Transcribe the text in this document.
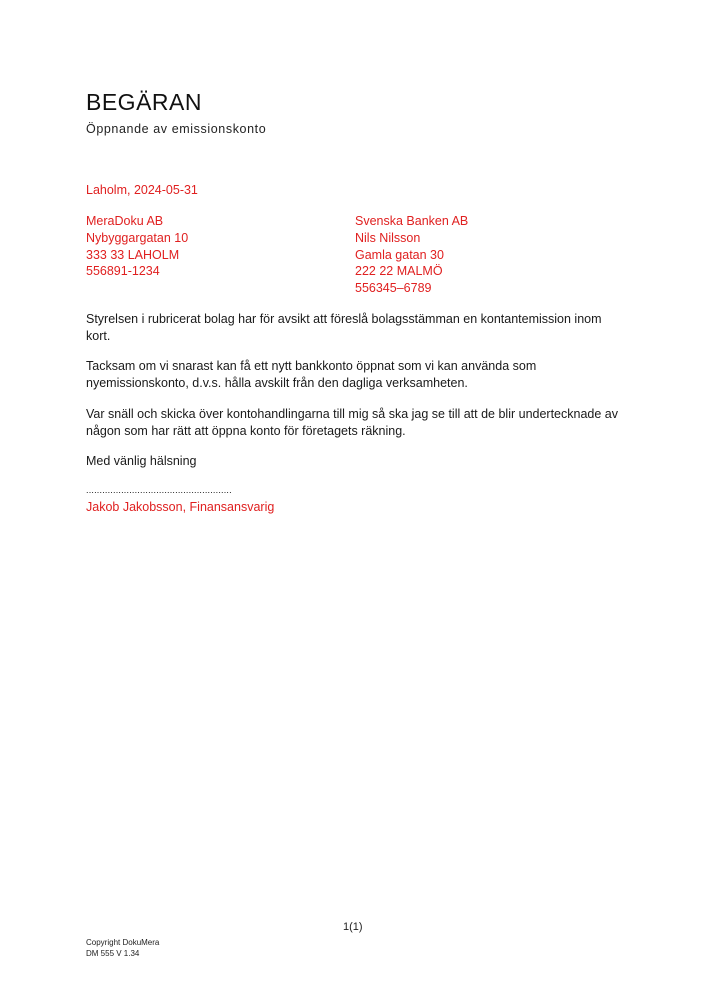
BEGÄRAN
Öppnande av emissionskonto
Laholm, 2024-05-31
MeraDoku AB
Nybyggargatan 10
333 33 LAHOLM
556891-1234
Svenska Banken AB
Nils Nilsson
Gamla gatan 30
222 22 MALMÖ
556345–6789

Styrelsen i rubricerat bolag har för avsikt att föreslå bolagsstämman en kontantemission inom kort.

Tacksam om vi snarast kan få ett nytt bankkonto öppnat som vi kan använda som nyemissionskonto, d.v.s. hålla avskilt från den dagliga verksamheten.

Var snäll och skicka över kontohandlingarna till mig så ska jag se till att de blir undertecknade av någon som har rätt att öppna konto för företagets räkning.

Med vänlig hälsning
......................................................
Jakob Jakobsson, Finansansvarig
1(1)
Copyright DokuMera
DM 555 V 1.34
